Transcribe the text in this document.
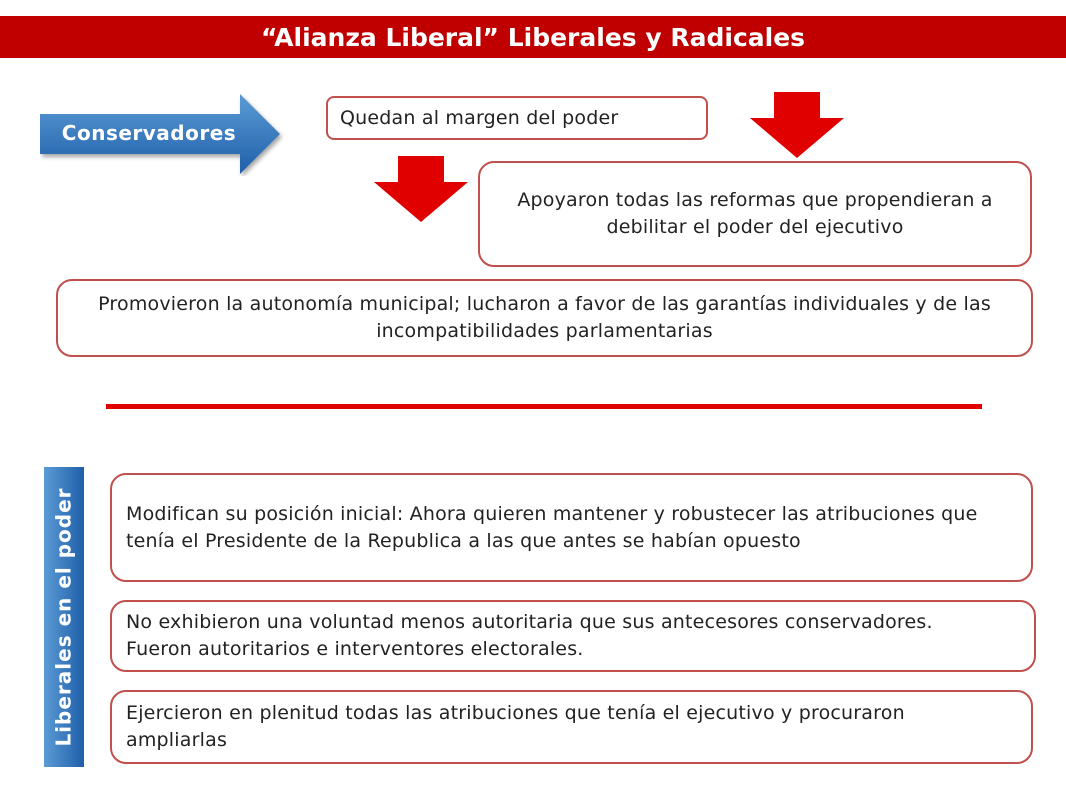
“Alianza Liberal” Liberales y Radicales
Conservadores
Quedan al margen del poder
Apoyaron todas las reformas que propendieran a debilitar el poder del ejecutivo
Promovieron la autonomía municipal; lucharon a favor de las garantías individuales y de las incompatibilidades parlamentarias
Liberales en el poder	Modifican su posición inicial: Ahora quieren mantener y robustecer las atribuciones que tenía el Presidente de la Republica a las que antes se habían opuesto
No exhibieron una voluntad menos autoritaria que sus antecesores conservadores. Fueron autoritarios e interventores electorales.
Ejercieron en plenitud todas las atribuciones que tenía el ejecutivo y procuraron ampliarlas
